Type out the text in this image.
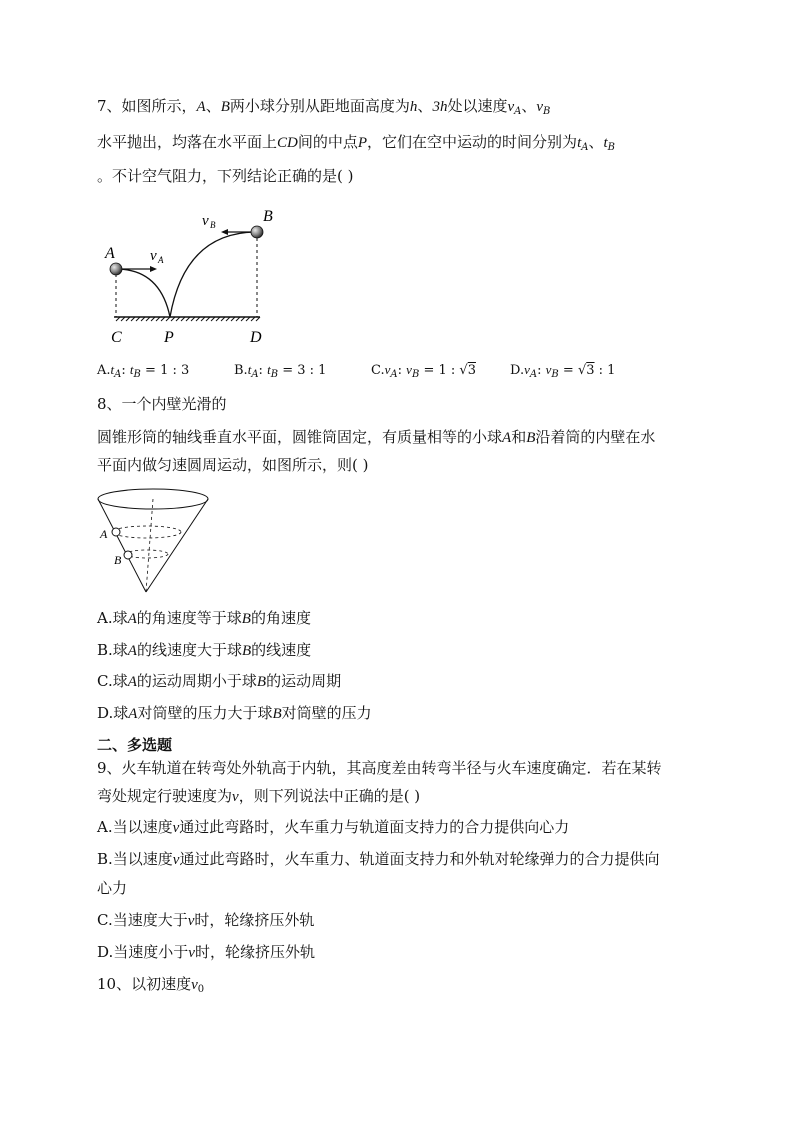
7、如图所示，A、B两小球分别从距地面高度为h、3h处以速度$v_A$、$v_B$
水平抛出，均落在水平面上CD间的中点P，它们在空中运动的时间分别为$t_A$、$t_B$
。不计空气阻力，下列结论正确的是( )
A
B
v A
v B
C	P	D
$A.t_A$: $t_B = 1$ : 3	$B.t_A$: $t_B = 3$ : 1	$C.v_A$: $v_B = 1$ : √3	$D.v_A$: $v_B = √3$ : 1
8、一个内壁光滑的
圆锥形筒的轴线垂直水平面，圆锥筒固定，有质量相等的小球A和B沿着筒的内壁在水
平面内做匀速圆周运动，如图所示，则( )
A
B
A.球A的角速度等于球B的角速度
B.球A的线速度大于球B的线速度
C.球A的运动周期小于球B的运动周期
D.球A对筒壁的压力大于球B对筒壁的压力
二、多选题
9、火车轨道在转弯处外轨高于内轨，其高度差由转弯半径与火车速度确定．若在某转
弯处规定行驶速度为v，则下列说法中正确的是( )
A.当以速度v通过此弯路时，火车重力与轨道面支持力的合力提供向心力
B.当以速度v通过此弯路时，火车重力、轨道面支持力和外轨对轮缘弹力的合力提供向
心力
C.当速度大于v时，轮缘挤压外轨
D.当速度小于v时，轮缘挤压外轨
10、以初速度$v_0$
